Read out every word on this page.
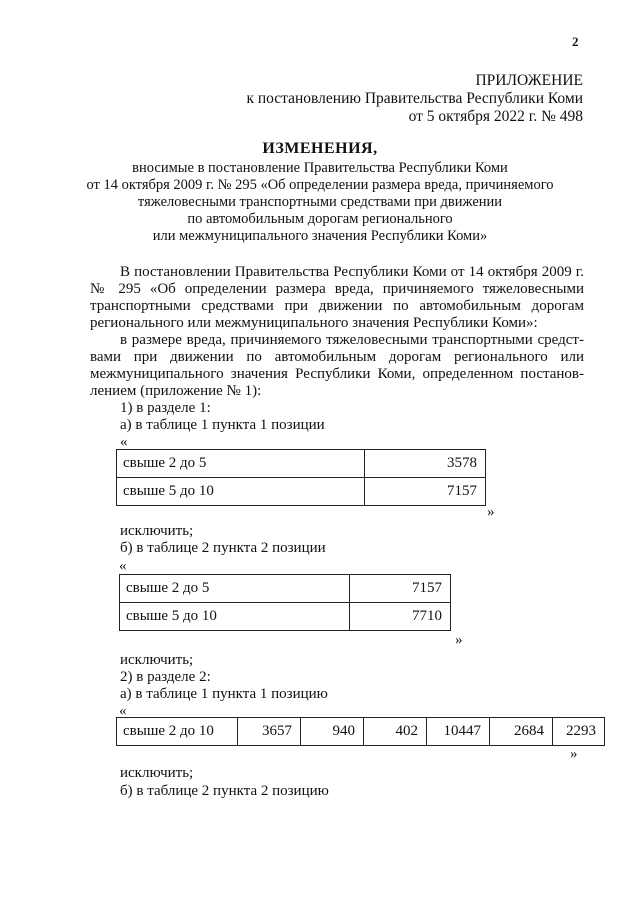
2
ПРИЛОЖЕНИЕ
к постановлению Правительства Республики Коми
от 5 октября 2022 г. № 498
ИЗМЕНЕНИЯ,
вносимые в постановление Правительства Республики Коми
от 14 октября 2009 г. № 295 «Об определении размера вреда, причиняемого
тяжеловесными транспортными средствами при движении
по автомобильным дорогам регионального
или межмуниципального значения Республики Коми»
В постановлении Правительства Республики Коми от 14 октября 2009 г. № 295 «Об определении размера вреда, причиняемого тяжеловесными транспортными средствами при движении по автомобильным дорогам регионального или межмуниципального значения Республики Коми»:
в размере вреда, причиняемого тяжеловесными транспортными средствами при движении по автомобильным дорогам регионального или межмуниципального значения Республики Коми, определенном постановлением (приложение № 1):
1) в разделе 1:
а) в таблице 1 пункта 1 позиции
«
свыше 2 до 5	3578
свыше 5 до 10	7157
»
исключить;
б) в таблице 2 пункта 2 позиции
«
свыше 2 до 5	7157
свыше 5 до 10	7710
»
исключить;
2) в разделе 2:
а) в таблице 1 пункта 1 позицию
«
свыше 2 до 10	3657	940	402	10447	2684	2293
»
исключить;
б) в таблице 2 пункта 2 позицию
